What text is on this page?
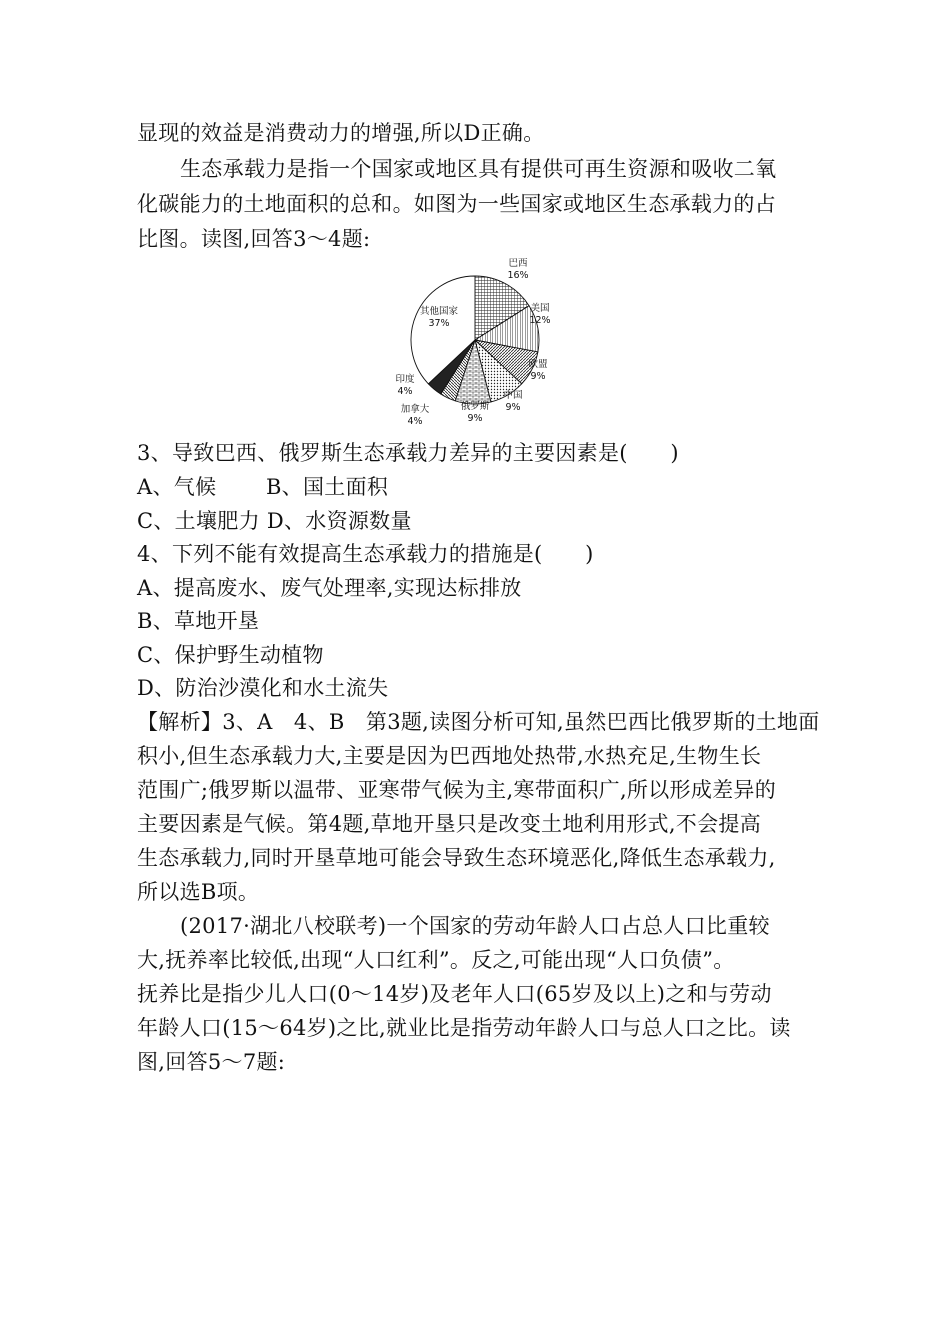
显现的效益是消费动力的增强,所以D正确。
生态承载力是指一个国家或地区具有提供可再生资源和吸收二氧
化碳能力的土地面积的总和。如图为一些国家或地区生态承载力的占
比图。读图,回答3～4题:
巴西
16%
美国
12%
欧盟
9%
中国
9%
俄罗斯
9%
加拿大
4%
印度
4%
其他国家
37%
3、导致巴西、俄罗斯生态承载力差异的主要因素是(　　)
A、气候　　 B、国土面积
C、土壤肥力 D、水资源数量
4、下列不能有效提高生态承载力的措施是(　　)
A、提高废水、废气处理率,实现达标排放
B、草地开垦
C、保护野生动植物
D、防治沙漠化和水土流失
【解析】3、A　4、B　第3题,读图分析可知,虽然巴西比俄罗斯的土地面
积小,但生态承载力大,主要是因为巴西地处热带,水热充足,生物生长
范围广;俄罗斯以温带、亚寒带气候为主,寒带面积广,所以形成差异的
主要因素是气候。第4题,草地开垦只是改变土地利用形式,不会提高
生态承载力,同时开垦草地可能会导致生态环境恶化,降低生态承载力,
所以选B项。
(2017·湖北八校联考)一个国家的劳动年龄人口占总人口比重较
大,抚养率比较低,出现“人口红利”。反之,可能出现“人口负债”。
抚养比是指少儿人口(0～14岁)及老年人口(65岁及以上)之和与劳动
年龄人口(15～64岁)之比,就业比是指劳动年龄人口与总人口之比。读
图,回答5～7题:
